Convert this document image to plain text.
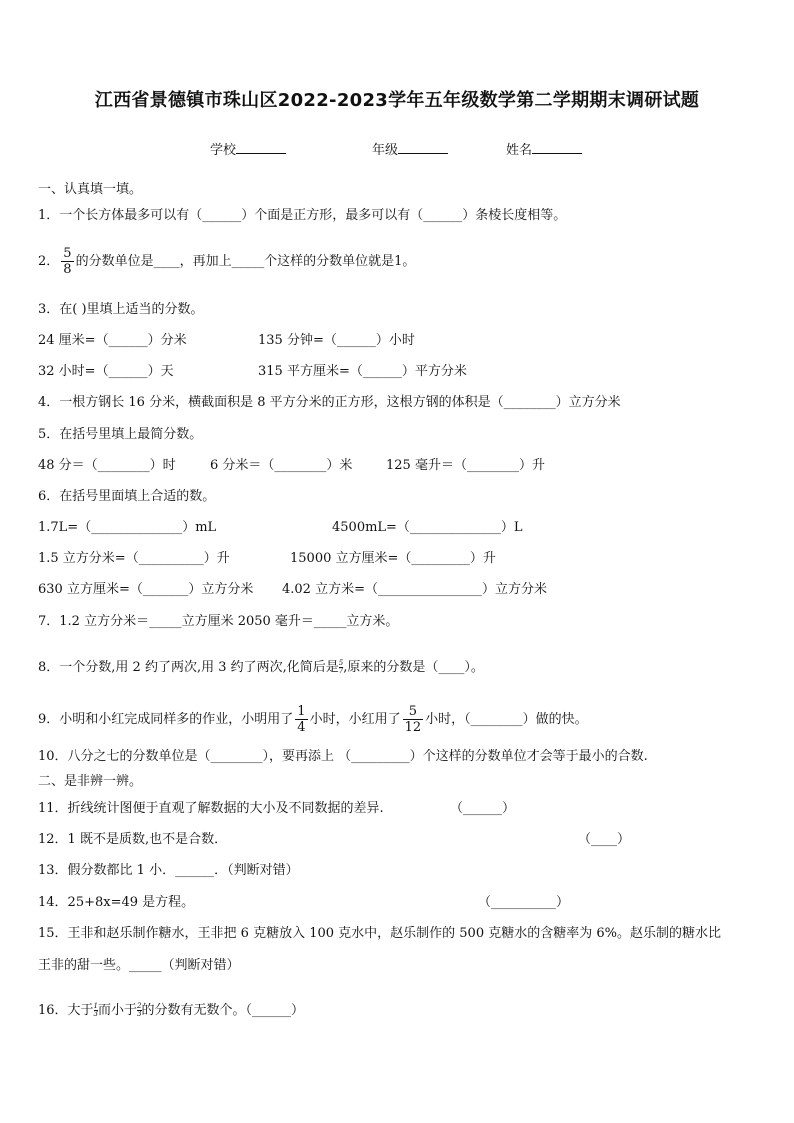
江西省景德镇市珠山区2022-2023学年五年级数学第二学期期末调研试题
学校	年级	姓名
一、认真填一填。
1．一个长方体最多可以有（______）个面是正方形，最多可以有（______）条棱长度相等。
2． $\frac{5}{8}$ 的分数单位是____，再加上_____个这样的分数单位就是1。
3．在( )里填上适当的分数。
24 厘米=（______）分米	135 分钟=（______）小时
32 小时=（______）天	315 平方厘米=（______）平方分米
4．一根方钢长 16 分米，横截面积是 8 平方分米的正方形，这根方钢的体积是（________）立方分米
5．在括号里填上最简分数。
48 分＝（________）时	6 分米＝（________）米	125 毫升＝（________）升
6．在括号里面填上合适的数。
1.7L=（______________）mL	4500mL=（______________）L
1.5 立方分米=（__________）升	15000 立方厘米=（_________）升
630 立方厘米=（_______）立方分米 4.02 立方米=（________________）立方分米
7．1.2 立方分米＝_____立方厘米 2050 毫升＝_____立方米。
8．一个分数,用 2 约了两次,用 3 约了两次,化简后是 $\frac{5}{7}$ ,原来的分数是（____）。
9．小明和小红完成同样多的作业，小明用了 $\frac{1}{4}$ 小时，小红用了 $\frac{5}{12}$ 小时，（________）做的快。
10．八分之七的分数单位是（________），要再添上 （_________）个这样的分数单位才会等于最小的合数.
二、是非辨一辨。
11．折线统计图便于直观了解数据的大小及不同数据的差异.	（______）
12．1 既不是质数,也不是合数．	（____）
13．假分数都比 1 小．______．（判断对错）
14．25+8x=49 是方程。	（__________）
15．王非和赵乐制作糖水，王非把 6 克糖放入 100 克水中，赵乐制作的 500 克糖水的含糖率为 6%。赵乐制的糖水比
王非的甜一些。_____（判断对错）
16．大于 $\frac{1}{3}$ 而小于 $\frac{2}{3}$ 的分数有无数个。（______）
